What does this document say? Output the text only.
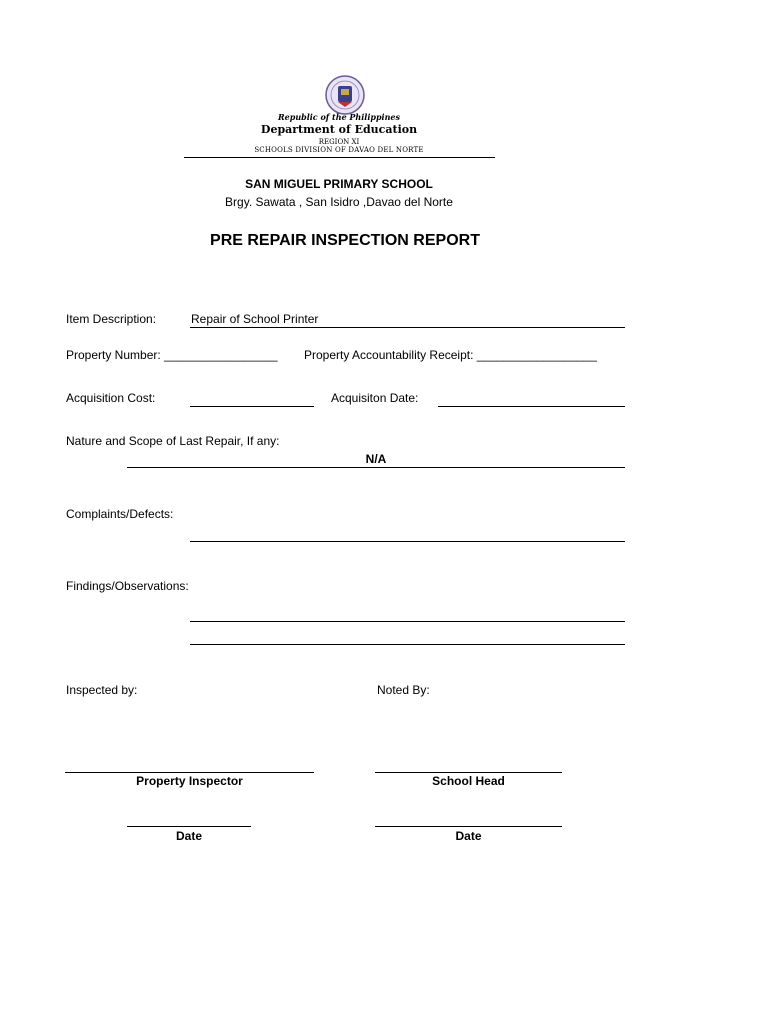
Republic of the Philippines
Department of Education
REGION XI
SCHOOLS DIVISION OF DAVAO DEL NORTE
SAN MIGUEL PRIMARY SCHOOL
Brgy. Sawata , San Isidro ,Davao del Norte
PRE REPAIR INSPECTION REPORT
Item Description:	Repair of School Printer
Property Number: _________________ Property Accountability Receipt: __________________
Acquisition Cost:	Acquisiton Date:
Nature and Scope of Last Repair, If any:
N/A
Complaints/Defects:
Findings/Observations:
Inspected by:	Noted By:
Property Inspector	School Head
Date	Date
